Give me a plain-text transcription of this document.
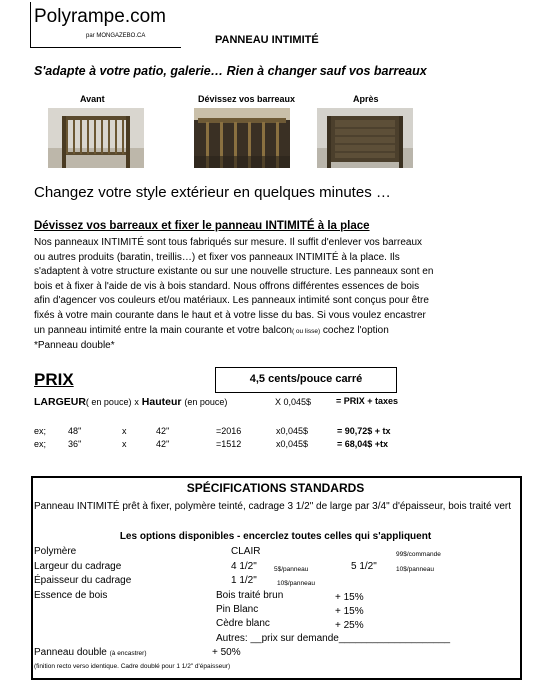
Polyrampe.com
par MONGAZEBO.CA	PANNEAU INTIMITÉ
S'adapte à votre patio, galerie… Rien à changer sauf vos barreaux
Avant	Dévissez vos barreaux	Après
Changez votre style extérieur en quelques minutes …
Dévissez vos barreaux et fixer le panneau INTIMITÉ à la place
Nos panneaux INTIMITÉ sont tous fabriqués sur mesure. Il suffit d'enlever vos barreaux ou autres produits (baratin, treillis…) et fixer vos panneaux INTIMITÉ à la place. Ils s'adaptent à votre structure existante ou sur une nouvelle structure. Les panneaux sont en bois et à fixer à l'aide de vis à bois standard. Nous offrons différentes essences de bois afin d'agencer vos couleurs et/ou matériaux. Les panneaux intimité sont conçus pour être fixés à votre main courante dans le haut et à votre lisse du bas. Si vous voulez encastrer un panneau intimité entre la main courante et votre balcon( ou lisse) cochez l'option *Panneau double*
PRIX	4,5 cents/pouce carré
LARGEUR( en pouce) x Hauteur (en pouce)	X 0,045$	= PRIX + taxes
ex; 48''	x	42''	=2016	x0,045$	= 90,72$ + tx
ex; 36''	x	42''	=1512	x0,045$	= 68,04$ +tx
SPÉCIFICATIONS STANDARDS
Panneau INTIMITÉ prêt à fixer, polymère teinté, cadrage 3 1/2" de large par 3/4" d'épaisseur, bois traité vert
Les options disponibles - encerclez toutes celles qui s'appliquent
Polymère	CLAIR	99$/commande
Largeur du cadrage	4 1/2"	5$/panneau	5 1/2"	10$/panneau
Épaisseur du cadrage	1 1/2"	10$/panneau
Essence de bois	Bois traité brun	+ 15%
Pin Blanc	+ 15%
Cèdre blanc	+ 25%
Autres: __prix sur demande____________________
Panneau double (à encastrer)	+ 50%
(finition recto verso identique. Cadre doublé pour 1 1/2" d'épaisseur)
